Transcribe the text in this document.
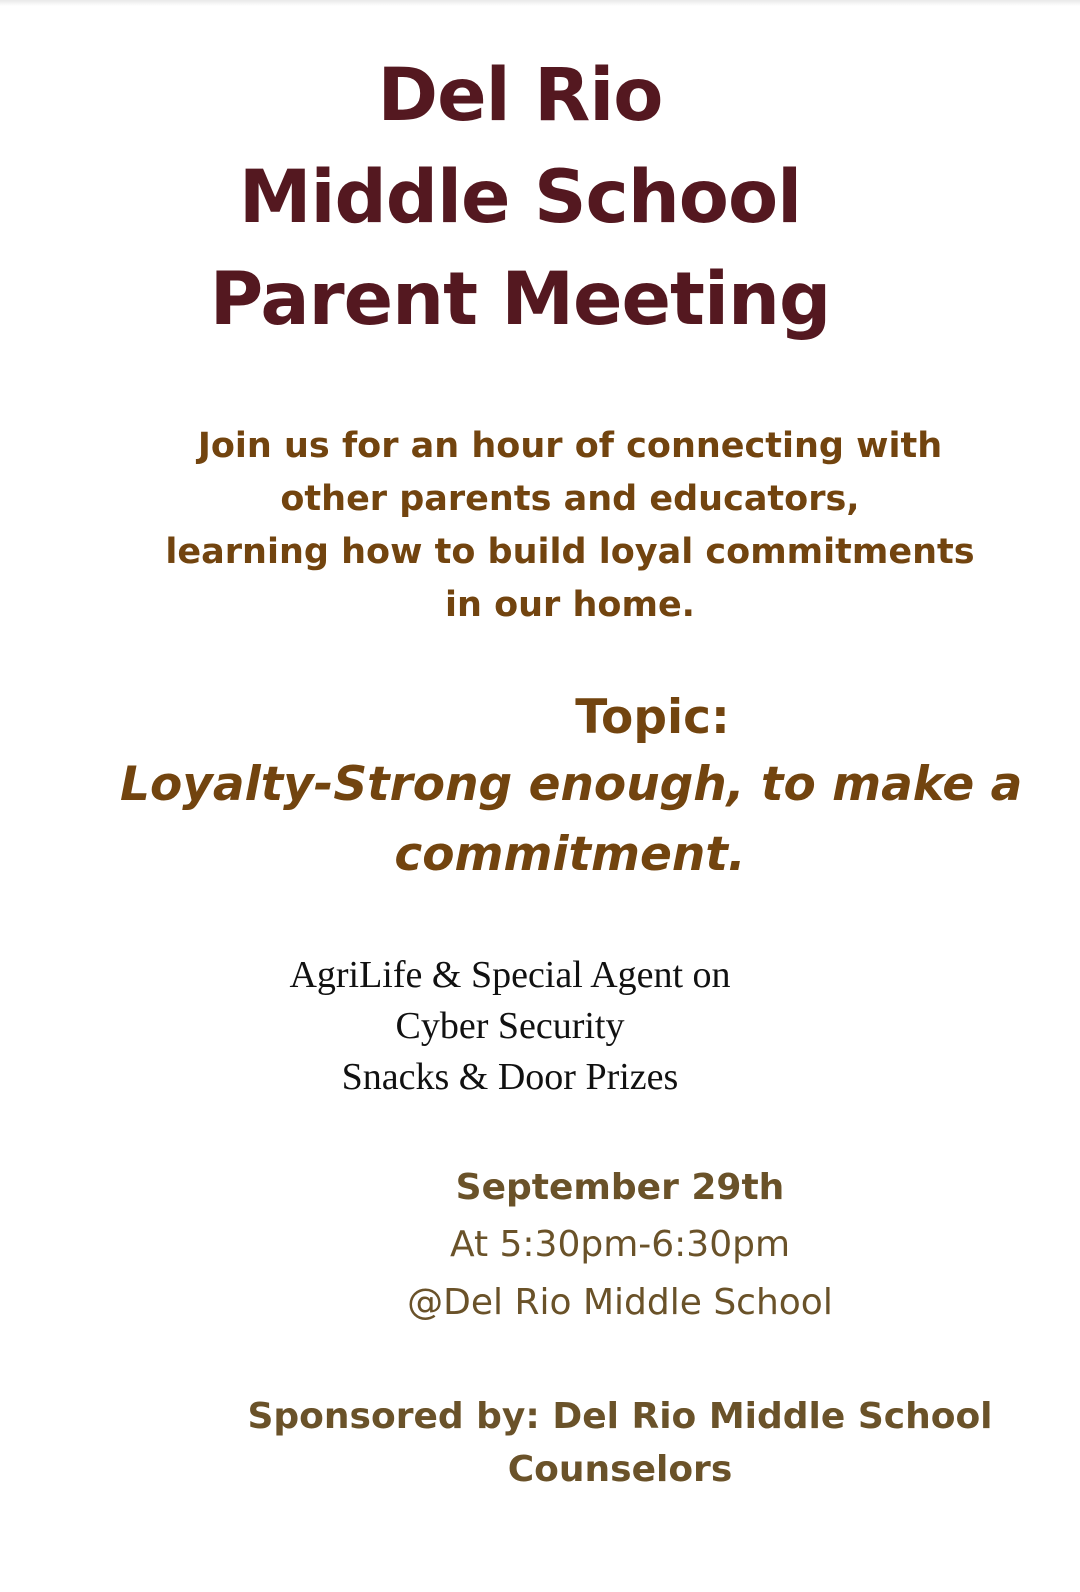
Del Rio
Middle School
Parent Meeting

Join us for an hour of connecting with
other parents and educators,
learning how to build loyal commitments
in our home.

Topic:

Loyalty-Strong enough, to make a
commitment.

AgriLife & Special Agent on
Cyber Security
Snacks & Door Prizes

September 29th
At 5:30pm-6:30pm
@Del Rio Middle School

Sponsored by: Del Rio Middle School
Counselors
